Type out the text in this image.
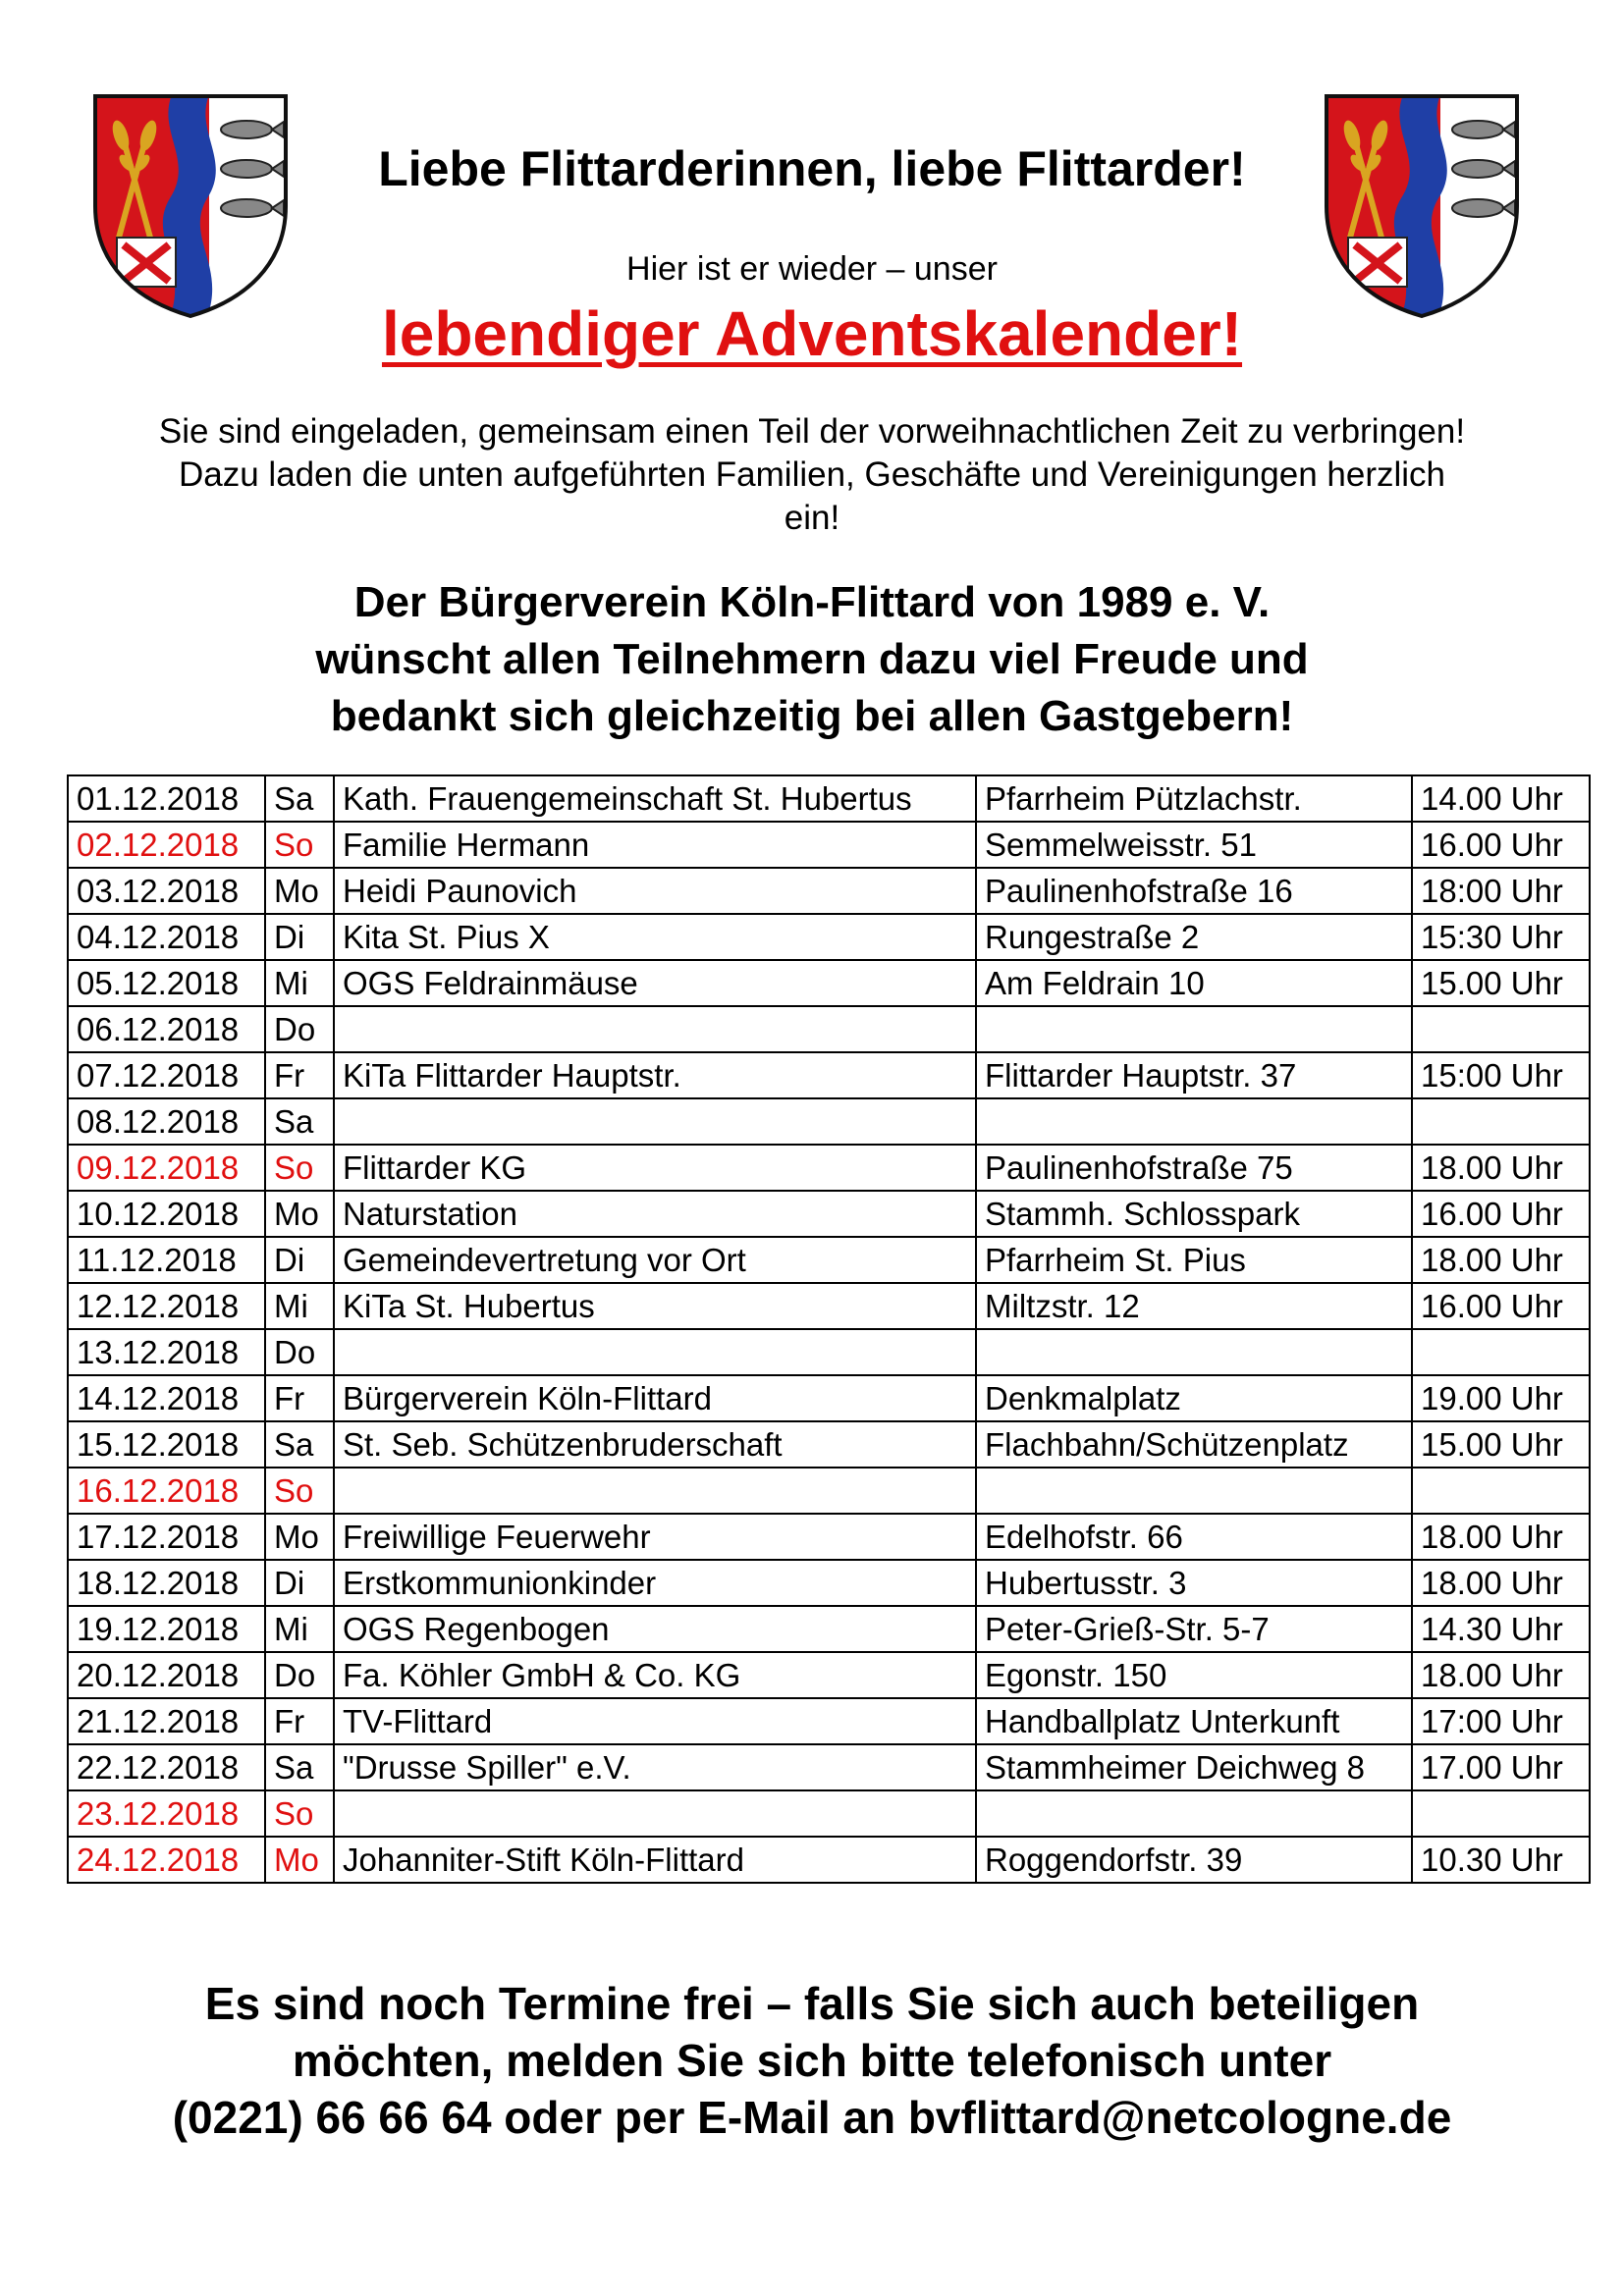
Liebe Flittarderinnen, liebe Flittarder!
Hier ist er wieder – unser
lebendiger Adventskalender!

Sie sind eingeladen, gemeinsam einen Teil der vorweihnachtlichen Zeit zu verbringen!

Dazu laden die unten aufgeführten Familien, Geschäfte und Vereinigungen herzlich

ein!

Der Bürgerverein Köln-Flittard von 1989 e. V.

wünscht allen Teilnehmern dazu viel Freude und

bedankt sich gleichzeitig bei allen Gastgebern!

01.12.2018	Sa	Kath. Frauengemeinschaft St. Hubertus	Pfarrheim Pützlachstr.	14.00 Uhr
02.12.2018	So	Familie Hermann	Semmelweisstr. 51	16.00 Uhr
03.12.2018	Mo	Heidi Paunovich	Paulinenhofstraße 16	18:00 Uhr
04.12.2018	Di	Kita St. Pius X	Rungestraße 2	15:30 Uhr
05.12.2018	Mi	OGS Feldrainmäuse	Am Feldrain 10	15.00 Uhr
06.12.2018	Do			
07.12.2018	Fr	KiTa Flittarder Hauptstr.	Flittarder Hauptstr. 37	15:00 Uhr
08.12.2018	Sa			
09.12.2018	So	Flittarder KG	Paulinenhofstraße 75	18.00 Uhr
10.12.2018	Mo	Naturstation	Stammh. Schlosspark	16.00 Uhr
11.12.2018	Di	Gemeindevertretung vor Ort	Pfarrheim St. Pius	18.00 Uhr
12.12.2018	Mi	KiTa St. Hubertus	Miltzstr. 12	16.00 Uhr
13.12.2018	Do			
14.12.2018	Fr	Bürgerverein Köln-Flittard	Denkmalplatz	19.00 Uhr
15.12.2018	Sa	St. Seb. Schützenbruderschaft	Flachbahn/Schützenplatz	15.00 Uhr
16.12.2018	So			
17.12.2018	Mo	Freiwillige Feuerwehr	Edelhofstr. 66	18.00 Uhr
18.12.2018	Di	Erstkommunionkinder	Hubertusstr. 3	18.00 Uhr
19.12.2018	Mi	OGS Regenbogen	Peter-Grieß-Str. 5-7	14.30 Uhr
20.12.2018	Do	Fa. Köhler GmbH & Co. KG	Egonstr. 150	18.00 Uhr
21.12.2018	Fr	TV-Flittard	Handballplatz Unterkunft	17:00 Uhr
22.12.2018	Sa	"Drusse Spiller" e.V.	Stammheimer Deichweg 8	17.00 Uhr
23.12.2018	So			
24.12.2018	Mo	Johanniter-Stift Köln-Flittard	Roggendorfstr. 39	10.30 Uhr

Es sind noch Termine frei – falls Sie sich auch beteiligen

möchten, melden Sie sich bitte telefonisch unter

(0221) 66 66 64 oder per E-Mail an bvflittard@netcologne.de
